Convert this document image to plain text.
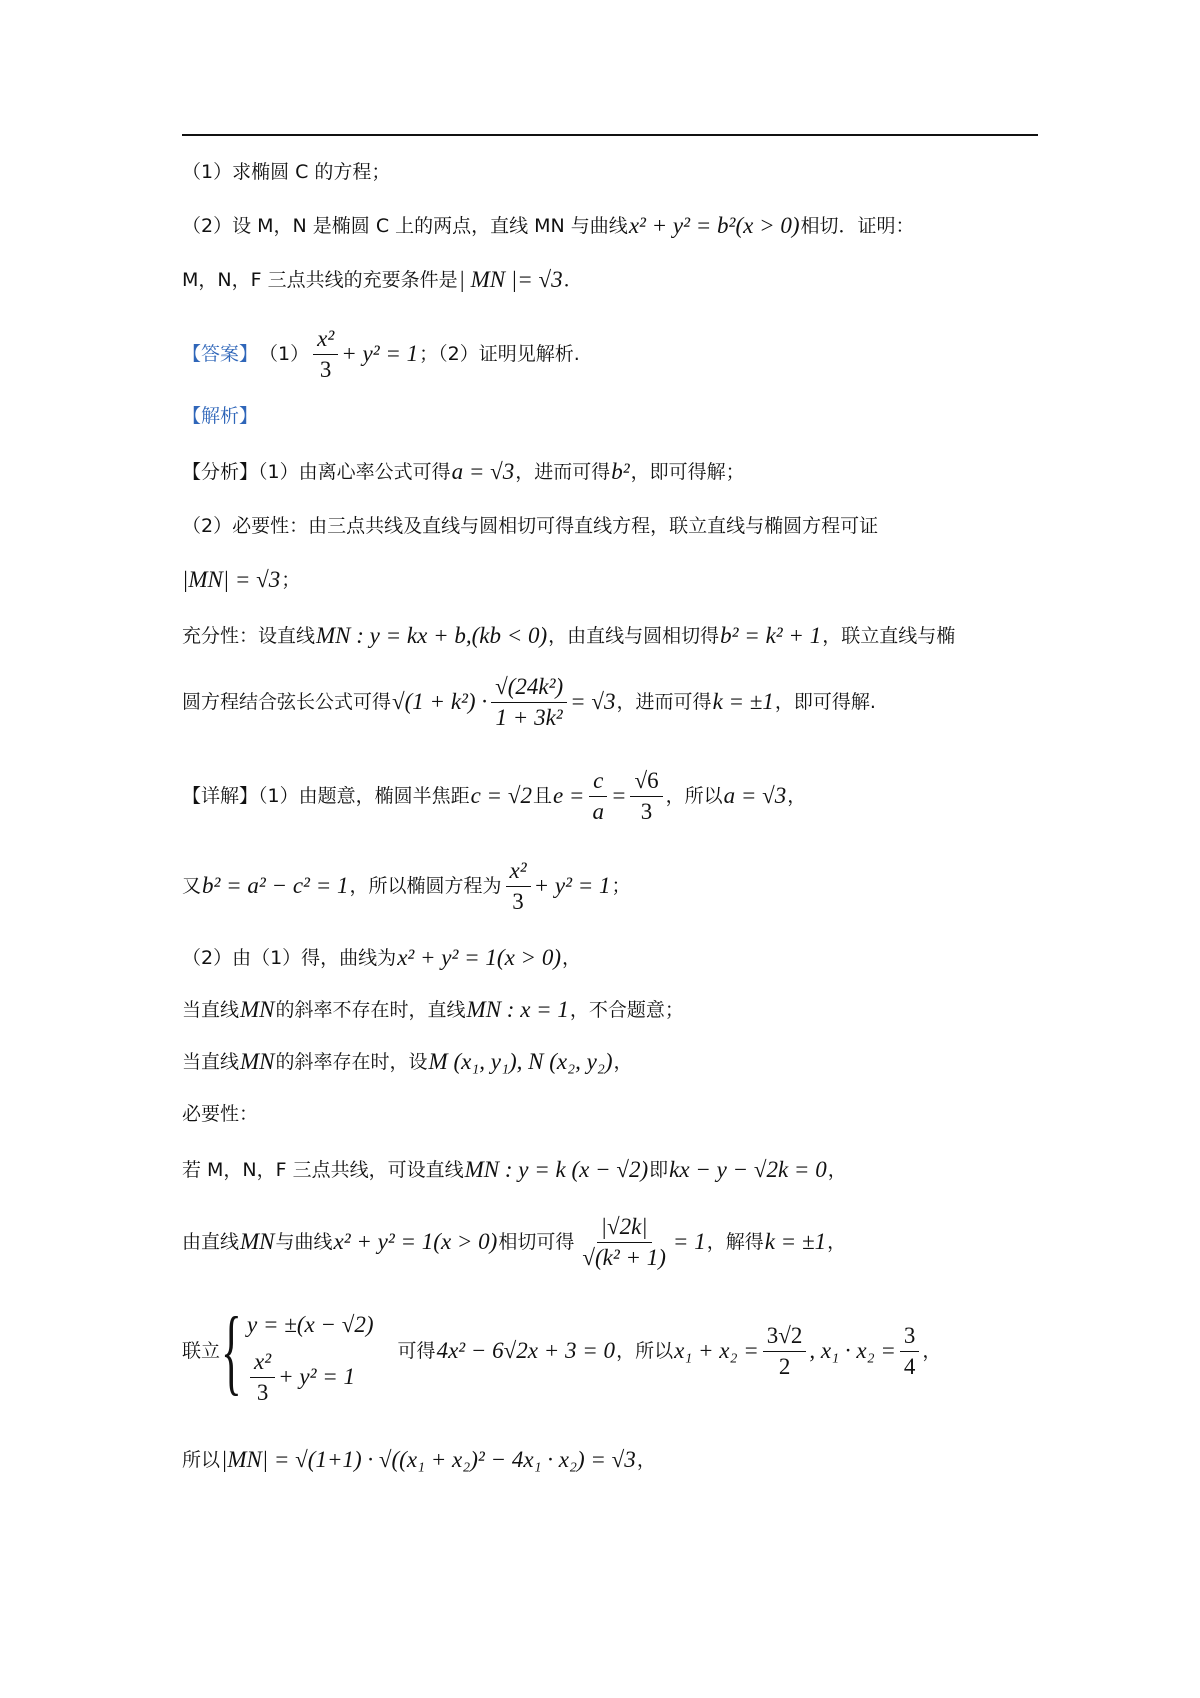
（1）求椭圆 C 的方程；
（2）设 M，N 是椭圆 C 上的两点，直线 MN 与曲线 x² + y² = b²(x > 0) 相切．证明：
M，N，F 三点共线的充要条件是 | MN |= √3 ．
【答案】 $(1) \frac{\text{x²}}{3} + y^2 = 1$ ；（2）证明见解析.
【解析】
【分析】（1）由离心率公式可得 a = √3 ，进而可得 b² ，即可得解；
（2）必要性：由三点共线及直线与圆相切可得直线方程，联立直线与椭圆方程可证
|MN| = √3 ；
充分性：设直线 MN : y = kx + b,(kb < 0) ，由直线与圆相切得 b² = k² + 1 ，联立直线与椭
圆方程结合弦长公式可得 $√(1 + k^2) \cdot \frac{\text{√(24k²)}}{\text{1 + 3k²}} = √3$ ，进而可得 k = ±1 ，即可得解.
【详解】（1）由题意，椭圆半焦距 c = √2 且 $e = \frac{c}{a} = \frac{√6}{3}$ ，所以 a = √3 ，
又 b² = a² − c² = 1 ，所以椭圆方程为 $\frac{\text{x²}}{3} + y^2 = 1$ ；
（2）由（1）得，曲线为 x² + y² = 1(x > 0) ，
当直线 MN 的斜率不存在时，直线 MN : x = 1 ，不合题意；
当直线 MN 的斜率存在时，设 M (x₁, y₁), N (x₂, y₂) ，
必要性：
若 M，N，F 三点共线，可设直线 MN : y = k (x − √2) 即 kx − y − √2k = 0 ，
由直线 MN 与曲线 x² + y² = 1(x > 0) 相切可得 $\frac{|√2k|}{\text{√(k² + 1)}} = 1$ ，解得 k = ±1 ，
联立 { y = ±(x − √2)
$\frac{\text{x²}}{3} + y^2 = 1$
可得 4x² − 6√2x + 3 = 0 ，所以 $x_1 + x_2 = \frac{3√2}{2}$ , $x_1 \cdot x_2 = \frac{3}{4}$ ，
所以 |MN| = √(1+1) · √((x₁ + x₂)² − 4x₁ · x₂) = √3 ，
